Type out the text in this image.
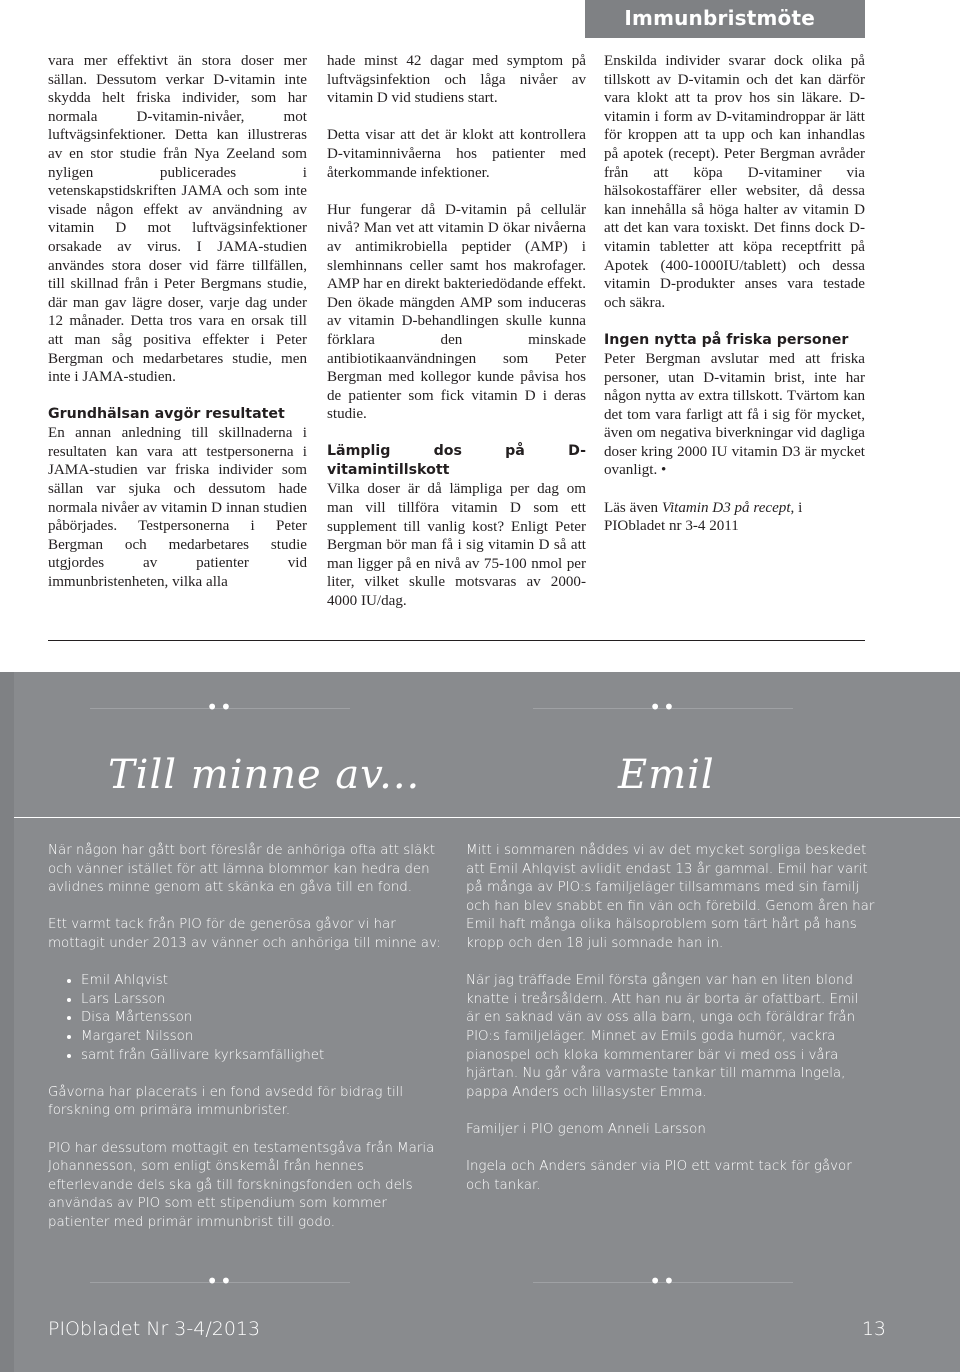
Immunbristmöte

vara mer effektivt än stora doser mer sällan. Dessutom verkar D-vitamin inte skydda helt friska individer, som har normala D-vitamin-nivåer, mot luftvägsinfektioner. Detta kan illustreras av en stor studie från Nya Zeeland som nyligen publicerades i vetenskapstidskriften JAMA och som inte visade någon effekt av användning av vitamin D mot luftvägsinfektioner orsakade av virus. I JAMA-studien användes stora doser vid färre tillfällen, till skillnad från i Peter Bergmans studie, där man gav lägre doser, varje dag under 12 månader. Detta tros vara en orsak till att man såg positiva effekter i Peter Bergman och medarbetares studie, men inte i JAMA-studien.

Grundhälsan avgör resultatet

En annan anledning till skillnaderna i resultaten kan vara att testpersonerna i JAMA-studien var friska individer som sällan var sjuka och dessutom hade normala nivåer av vitamin D innan studien påbörjades. Testpersonerna i Peter Bergman och medarbetares studie utgjordes av patienter vid immunbristenheten, vilka alla

hade minst 42 dagar med symptom på luftvägsinfektion och låga nivåer av vitamin D vid studiens start.

Detta visar att det är klokt att kontrollera D-vitaminnivåerna hos patienter med återkommande infektioner.

Hur fungerar då D-vitamin på cellulär nivå? Man vet att vitamin D ökar nivåerna av antimikrobiella peptider (AMP) i slemhinnans celler samt hos makrofager. AMP har en direkt bakteriedödande effekt. Den ökade mängden AMP som induceras av vitamin D-behandlingen skulle kunna förklara den minskade antibiotikaanvändningen som Peter Bergman med kollegor kunde påvisa hos de patienter som fick vitamin D i deras studie.

Lämplig dos på D-vitamintillskott

Vilka doser är då lämpliga per dag om man vill tillföra vitamin D som ett supplement till vanlig kost? Enligt Peter Bergman bör man få i sig vitamin D så att man ligger på en nivå av 75-100 nmol per liter, vilket skulle motsvaras av 2000- 4000 IU/dag.

Enskilda individer svarar dock olika på tillskott av D-vitamin och det kan därför vara klokt att ta prov hos sin läkare. D-vitamin i form av D-vitamindroppar är lätt för kroppen att ta upp och kan inhandlas på apotek (recept). Peter Bergman avråder från att köpa D-vitaminer via hälsokostaffärer eller websiter, då dessa kan innehålla så höga halter av vitamin D att det kan vara toxiskt. Det finns dock D-vitamin tabletter att köpa receptfritt på Apotek (400-1000IU/tablett) och dessa vitamin D-produkter anses vara testade och säkra.

Ingen nytta på friska personer

Peter Bergman avslutar med att friska personer, utan D-vitamin brist, inte har någon nytta av extra tillskott. Tvärtom kan det tom vara farligt att få i sig för mycket, även om negativa biverkningar vid dagliga doser kring 2000 IU vitamin D3 är mycket ovanligt. •

Läs även Vitamin D3 på recept, i PIObladet nr 3-4 2011

••	••
Till minne av...	Emil

När någon har gått bort föreslår de anhöriga ofta att släkt och vänner istället för att lämna blommor kan hedra den avlidnes minne genom att skänka en gåva till en fond.

Ett varmt tack från PIO för de generösa gåvor vi har mottagit under 2013 av vänner och anhöriga till minne av:

• Emil Ahlqvist
• Lars Larsson
• Disa Mårtensson
• Margaret Nilsson
• samt från Gällivare kyrksamfällighet

Gåvorna har placerats i en fond avsedd för bidrag till forskning om primära immunbrister.

PIO har dessutom mottagit en testamentsgåva från Maria Johannesson, som enligt önskemål från hennes efterlevande dels ska gå till forskningsfonden och dels användas av PIO som ett stipendium som kommer patienter med primär immunbrist till godo.

Mitt i sommaren nåddes vi av det mycket sorgliga beskedet att Emil Ahlqvist avlidit endast 13 år gammal. Emil har varit på många av PIO:s familjeläger tillsammans med sin familj och han blev snabbt en fin vän och förebild. Genom åren har Emil haft många olika hälsoproblem som tärt hårt på hans kropp och den 18 juli somnade han in.

När jag träffade Emil första gången var han en liten blond knatte i treårsåldern. Att han nu är borta är ofattbart. Emil är en saknad vän av oss alla barn, unga och föräldrar från PIO:s familjeläger. Minnet av Emils goda humör, vackra pianospel och kloka kommentarer bär vi med oss i våra hjärtan. Nu går våra varmaste tankar till mamma Ingela, pappa Anders och lillasyster Emma.

Familjer i PIO genom Anneli Larsson

Ingela och Anders sänder via PIO ett varmt tack för gåvor och tankar.

••	••
PIObladet Nr 3-4/2013	13
